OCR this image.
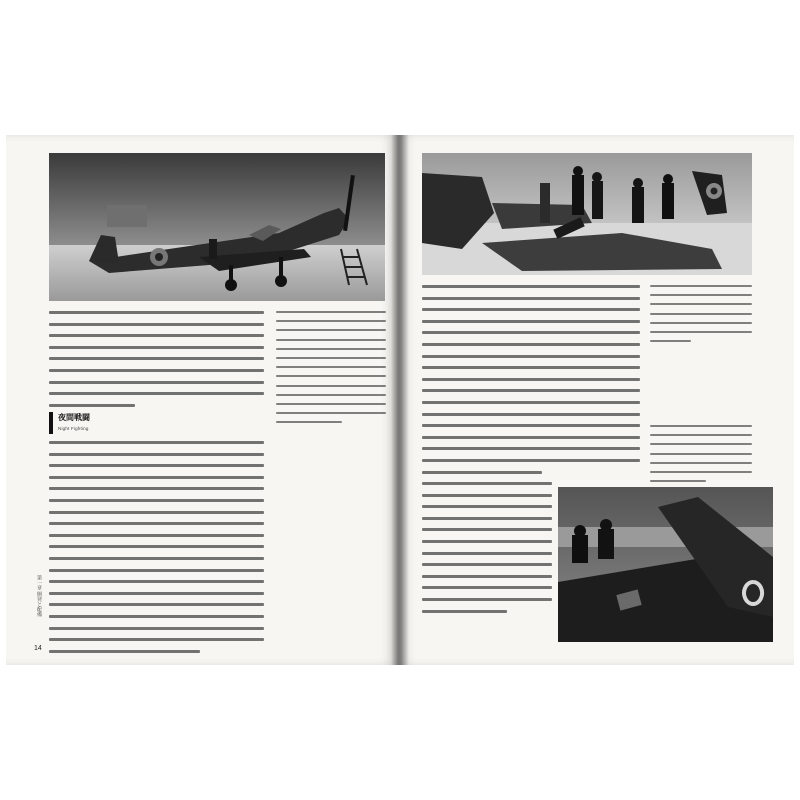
夜間戦闘
Night Fighting
第一章 開発と配備
14
